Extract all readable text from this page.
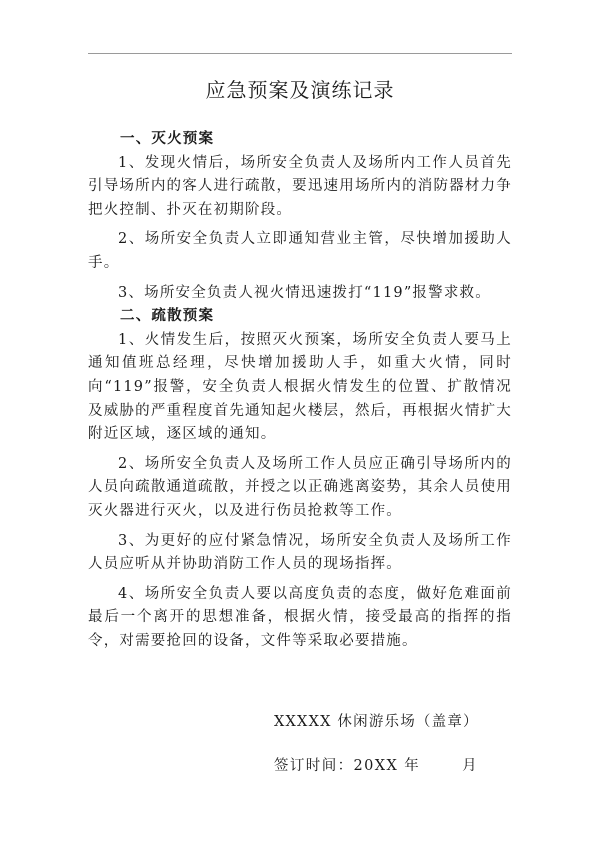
应急预案及演练记录

一、灭火预案

1、发现火情后，场所安全负责人及场所内工作人员首先引导场所内的客人进行疏散，要迅速用场所内的消防器材力争把火控制、扑灭在初期阶段。

2、场所安全负责人立即通知营业主管，尽快增加援助人手。

3、场所安全负责人视火情迅速拨打“119”报警求救。

二、疏散预案

1、火情发生后，按照灭火预案，场所安全负责人要马上通知值班总经理，尽快增加援助人手，如重大火情，同时向“119”报警，安全负责人根据火情发生的位置、扩散情况及威胁的严重程度首先通知起火楼层，然后，再根据火情扩大附近区域，逐区域的通知。

2、场所安全负责人及场所工作人员应正确引导场所内的人员向疏散通道疏散，并授之以正确逃离姿势，其余人员使用灭火器进行灭火，以及进行伤员抢救等工作。

3、为更好的应付紧急情况，场所安全负责人及场所工作人员应听从并协助消防工作人员的现场指挥。

4、场所安全负责人要以高度负责的态度，做好危难面前最后一个离开的思想准备，根据火情，接受最高的指挥的指令，对需要抢回的设备，文件等采取必要措施。

XXXXX 休闲游乐场（盖章）
签订时间：20XX 年       月
